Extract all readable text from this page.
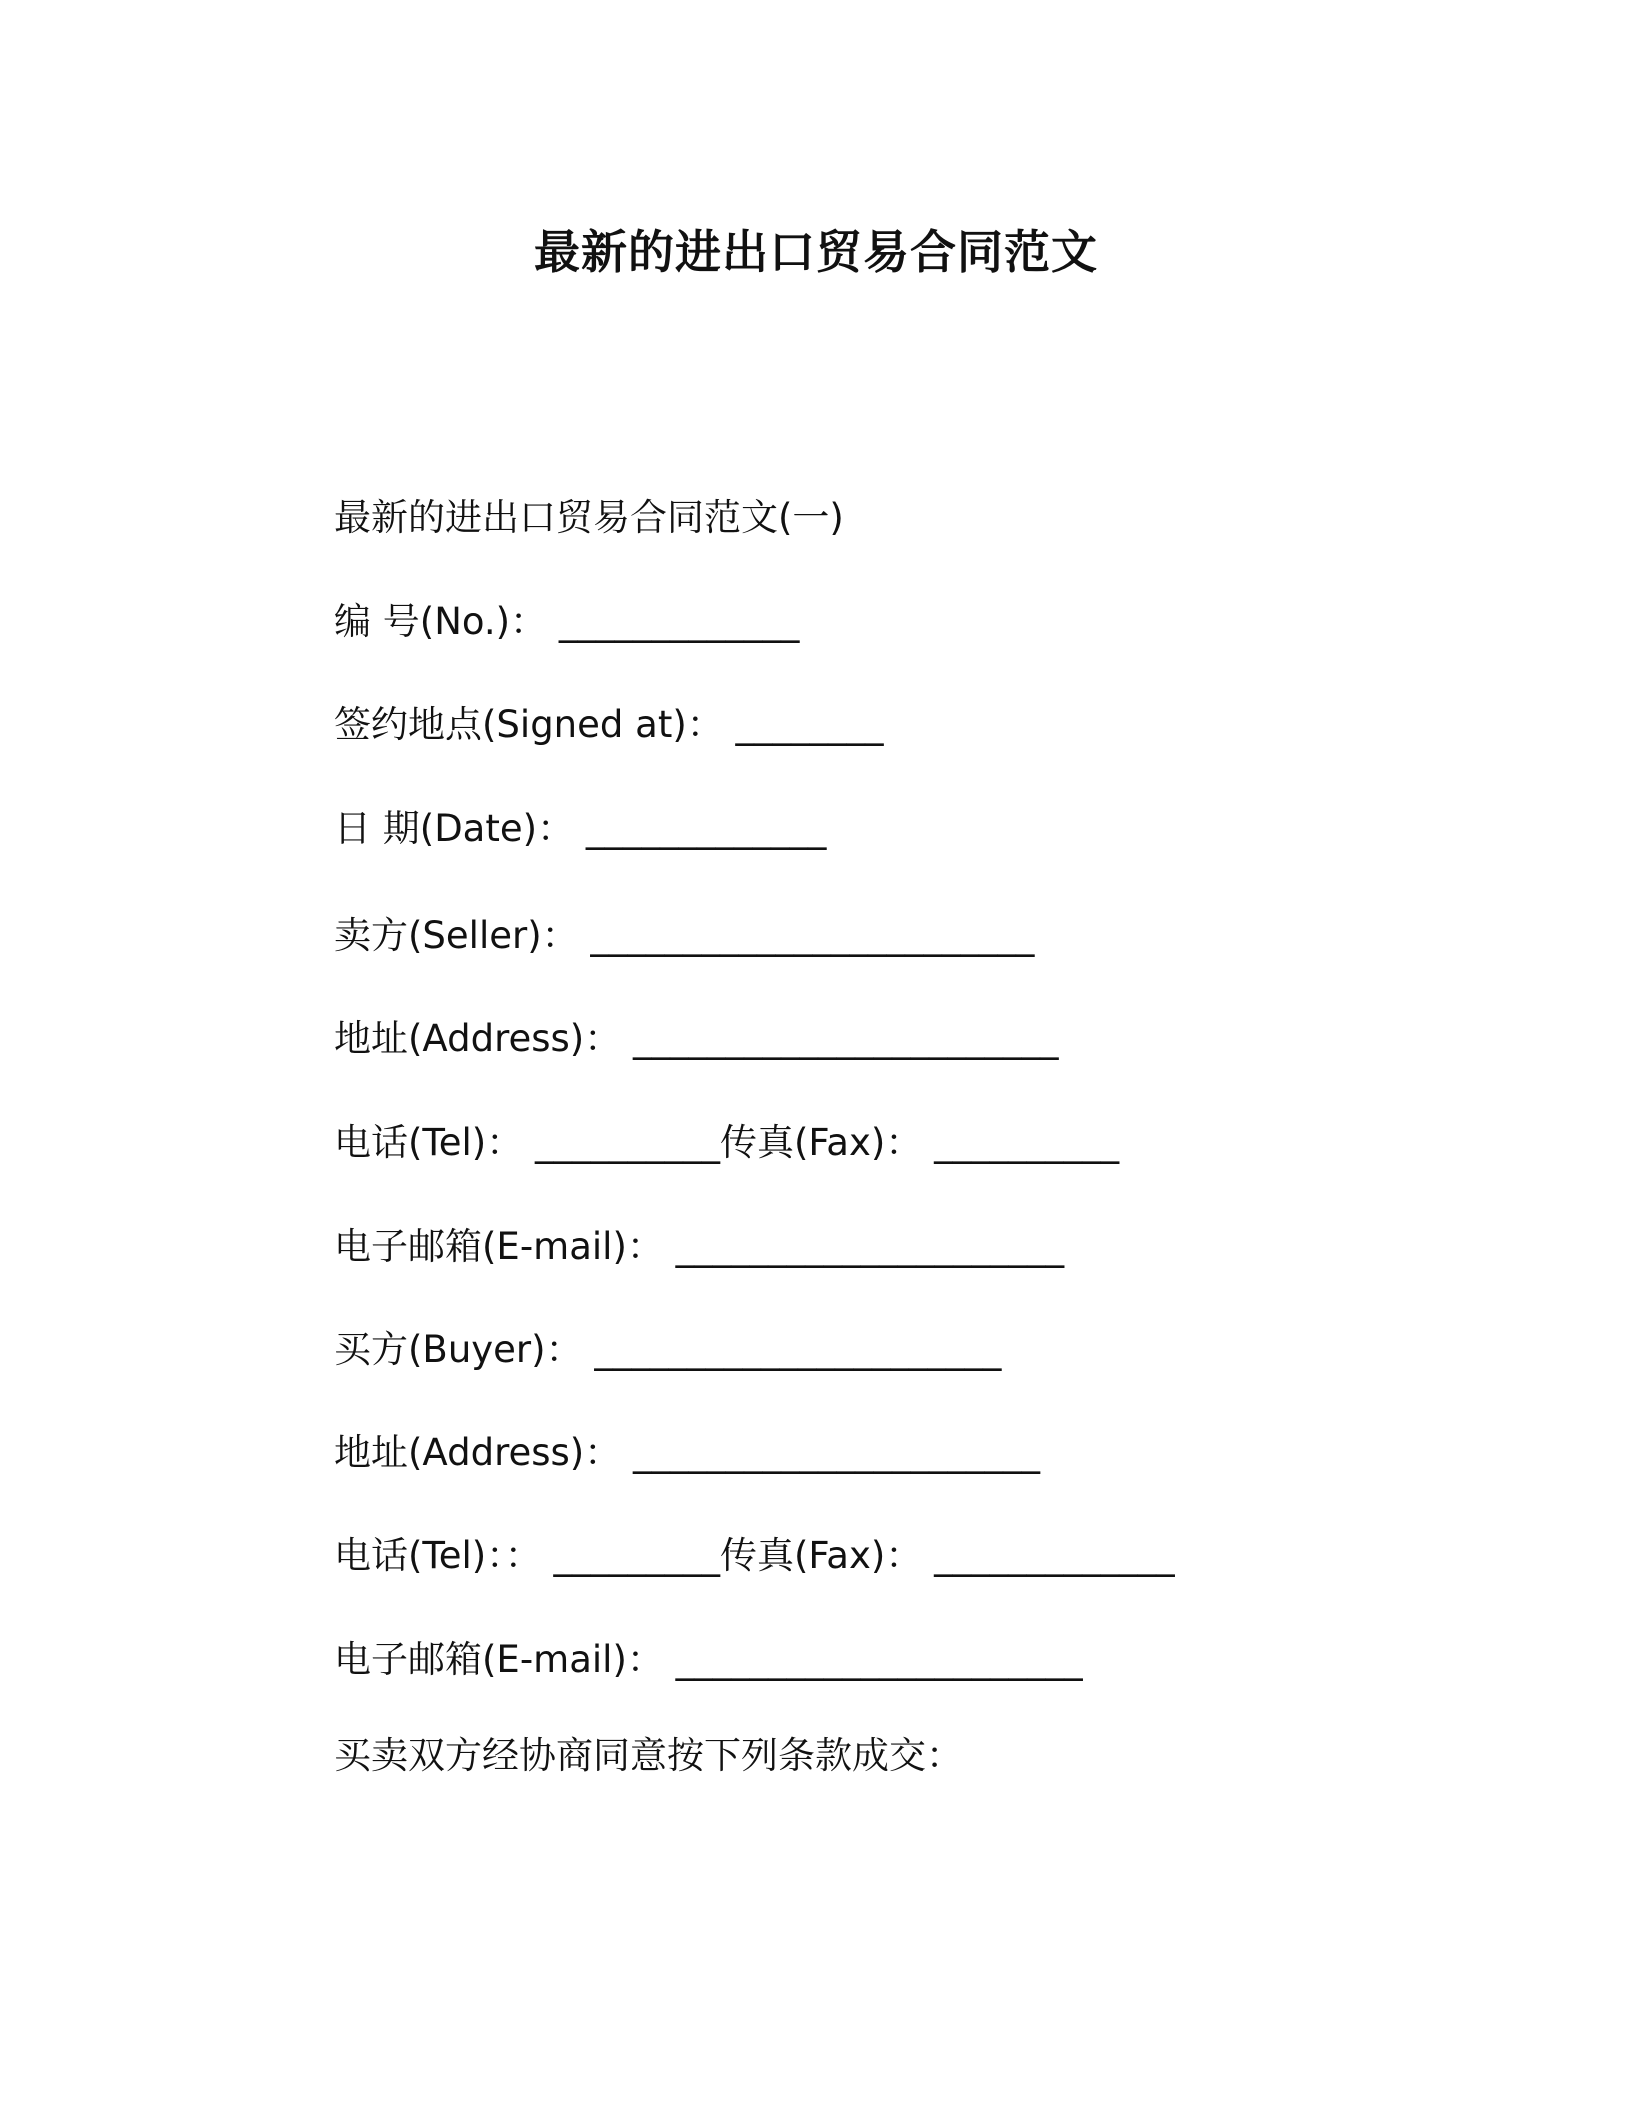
最新的进出口贸易合同范文
最新的进出口贸易合同范文(一)
编 号(No.)： _____________
签约地点(Signed at)： ________
日 期(Date)： _____________
卖方(Seller)： ________________________
地址(Address)： _______________________
电话(Tel)： __________传真(Fax)： __________
电子邮箱(E-mail)： _____________________
买方(Buyer)： ______________________
地址(Address)： ______________________
电话(Tel)：： _________传真(Fax)： _____________
电子邮箱(E-mail)： ______________________
买卖双方经协商同意按下列条款成交：
